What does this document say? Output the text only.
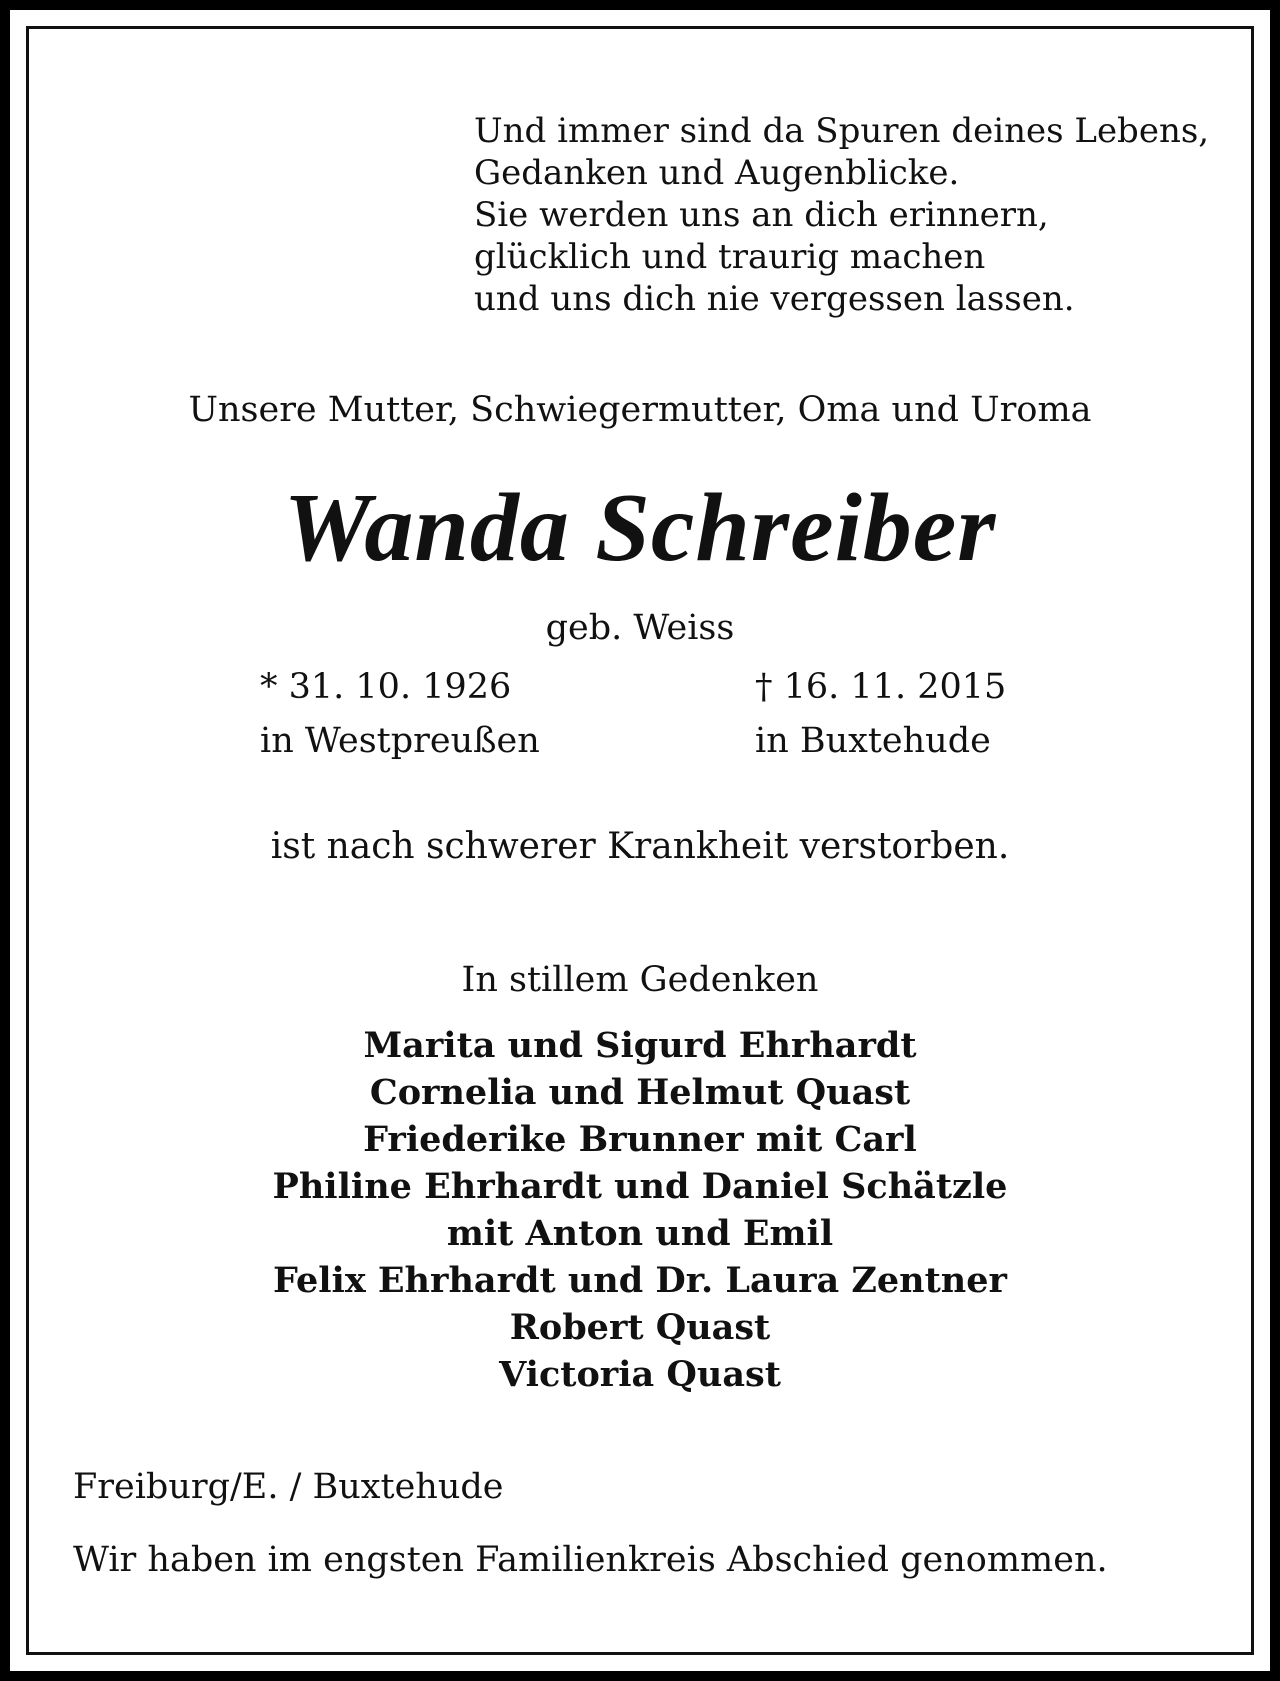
Und immer sind da Spuren deines Lebens,
Gedanken und Augenblicke.
Sie werden uns an dich erinnern,
glücklich und traurig machen
und uns dich nie vergessen lassen.
Unsere Mutter, Schwiegermutter, Oma und Uroma
Wanda Schreiber
geb. Weiss
* 31. 10. 1926
in Westpreußen
† 16. 11. 2015
in Buxtehude
ist nach schwerer Krankheit verstorben.
In stillem Gedenken
Marita und Sigurd Ehrhardt
Cornelia und Helmut Quast
Friederike Brunner mit Carl
Philine Ehrhardt und Daniel Schätzle
mit Anton und Emil
Felix Ehrhardt und Dr. Laura Zentner
Robert Quast
Victoria Quast
Freiburg/E. / Buxtehude
Wir haben im engsten Familienkreis Abschied genommen.
